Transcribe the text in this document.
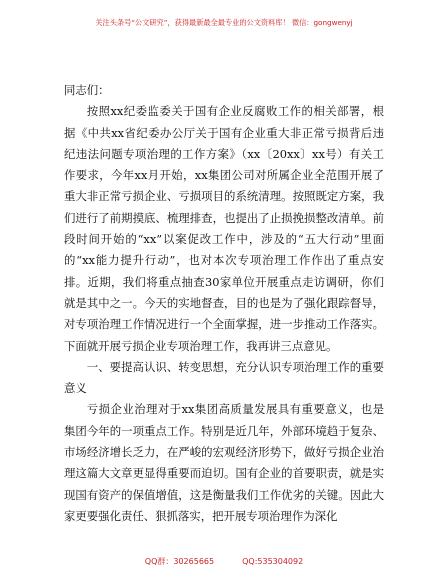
关注头条号“公文研究”，获得最新最全最专业的公文资料库！ 微信：gongwenyj

同志们：

按照xx纪委监委关于国有企业反腐败工作的相关部署，根据《中共xx省纪委办公厅关于国有企业重大非正常亏损背后违纪违法问题专项治理的工作方案》（xx〔20xx〕xx号）有关工作要求，今年xx月开始，xx集团公司对所属企业全范围开展了重大非正常亏损企业、亏损项目的系统清理。按照既定方案，我们进行了前期摸底、梳理排查，也提出了止损挽损整改清单。前段时间开始的“xx”以案促改工作中，涉及的“五大行动”里面的“xx能力提升行动”，也对本次专项治理工作作出了重点安排。近期，我们将重点抽查30家单位开展重点走访调研，你们就是其中之一。今天的实地督查，目的也是为了强化跟踪督导，对专项治理工作情况进行一个全面掌握，进一步推动工作落实。下面就开展亏损企业专项治理工作，我再讲三点意见。

一、要提高认识、转变思想，充分认识专项治理工作的重要意义

亏损企业治理对于xx集团高质量发展具有重要意义，也是集团今年的一项重点工作。特别是近几年，外部环境趋于复杂、市场经济增长乏力，在严峻的宏观经济形势下，做好亏损企业治理这篇大文章更显得重要而迫切。国有企业的首要职责，就是实现国有资产的保值增值，这是衡量我们工作优劣的关键。因此大家更要强化责任、狠抓落实，把开展专项治理作为深化

QQ群：30265665	QQ:535304092
